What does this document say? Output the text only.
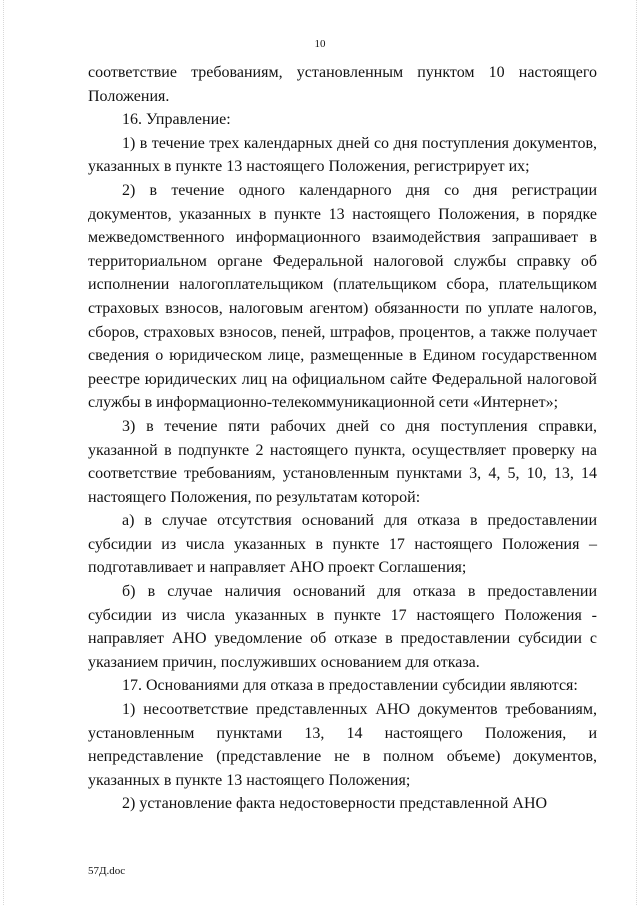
10

соответствие требованиям, установленным пунктом 10 настоящего Положения.

16. Управление:

1) в течение трех календарных дней со дня поступления документов, указанных в пункте 13 настоящего Положения, регистрирует их;

2) в течение одного календарного дня со дня регистрации документов, указанных в пункте 13 настоящего Положения, в порядке межведомственного информационного взаимодействия запрашивает в территориальном органе Федеральной налоговой службы справку об исполнении налогоплательщиком (плательщиком сбора, плательщиком страховых взносов, налоговым агентом) обязанности по уплате налогов, сборов, страховых взносов, пеней, штрафов, процентов, а также получает сведения о юридическом лице, размещенные в Едином государственном реестре юридических лиц на официальном сайте Федеральной налоговой службы в информационно-телекоммуникационной сети «Интернет»;

3) в течение пяти рабочих дней со дня поступления справки, указанной в подпункте 2 настоящего пункта, осуществляет проверку на соответствие требованиям, установленным пунктами 3, 4, 5, 10, 13, 14 настоящего Положения, по результатам которой:

а) в случае отсутствия оснований для отказа в предоставлении субсидии из числа указанных в пункте 17 настоящего Положения – подготавливает и направляет АНО проект Соглашения;

б) в случае наличия оснований для отказа в предоставлении субсидии из числа указанных в пункте 17 настоящего Положения - направляет АНО уведомление об отказе в предоставлении субсидии с указанием причин, послуживших основанием для отказа.

17. Основаниями для отказа в предоставлении субсидии являются:

1) несоответствие представленных АНО документов требованиям, установленным пунктами 13, 14 настоящего Положения, и непредставление (представление не в полном объеме) документов, указанных в пункте 13 настоящего Положения;

2) установление факта недостоверности представленной АНО

57Д.doc
